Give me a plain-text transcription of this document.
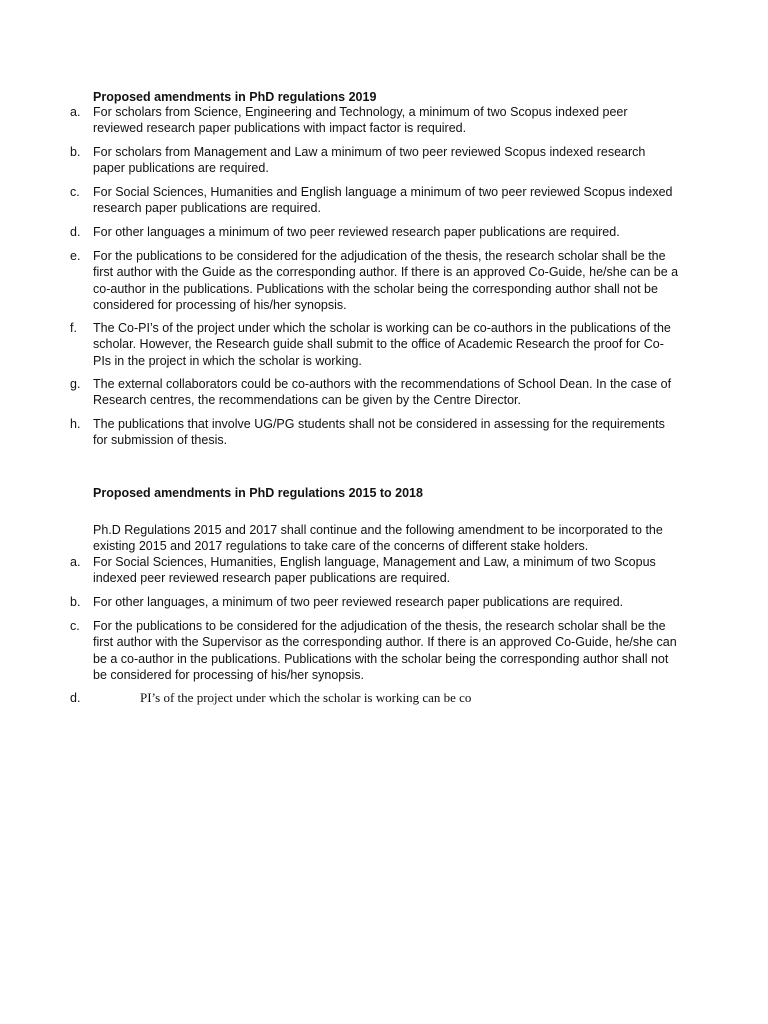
Proposed amendments in PhD regulations 2019
a.	For scholars from Science, Engineering and Technology, a minimum of two Scopus indexed peer reviewed research paper publications with impact factor is required.
b.	For scholars from Management and Law a minimum of two peer reviewed Scopus indexed research paper publications are required.
c.	For Social Sciences, Humanities and English language a minimum of two peer reviewed Scopus indexed research paper publications are required.
d.	For other languages a minimum of two peer reviewed research paper publications are required.
e.	For the publications to be considered for the adjudication of the thesis, the research scholar shall be the first author with the Guide as the corresponding author. If there is an approved Co-Guide, he/she can be a co-author in the publications. Publications with the scholar being the corresponding author shall not be considered for processing of his/her synopsis.
f.	The Co-PI’s of the project under which the scholar is working can be co-authors in the publications of the scholar. However, the Research guide shall submit to the office of Academic Research the proof for Co-PIs in the project in which the scholar is working.
g.	The external collaborators could be co-authors with the recommendations of School Dean. In the case of Research centres, the recommendations can be given by the Centre Director.
h.	The publications that involve UG/PG students shall not be considered in assessing for the requirements for submission of thesis.
Proposed amendments in PhD regulations 2015 to 2018
Ph.D Regulations 2015 and 2017 shall continue and the following amendment to be incorporated to the existing 2015 and 2017 regulations to take care of the concerns of different stake holders.
a.	For Social Sciences, Humanities, English language, Management and Law, a minimum of two Scopus indexed peer reviewed research paper publications are required.
b.	For other languages, a minimum of two peer reviewed research paper publications are required.
c.	For the publications to be considered for the adjudication of the thesis, the research scholar shall be the first author with the Supervisor as the corresponding author. If there is an approved Co-Guide, he/she can be a co-author in the publications. Publications with the scholar being the corresponding author shall not be considered for processing of his/her synopsis.
d.	PI’s of the project under which the scholar is working can be co
